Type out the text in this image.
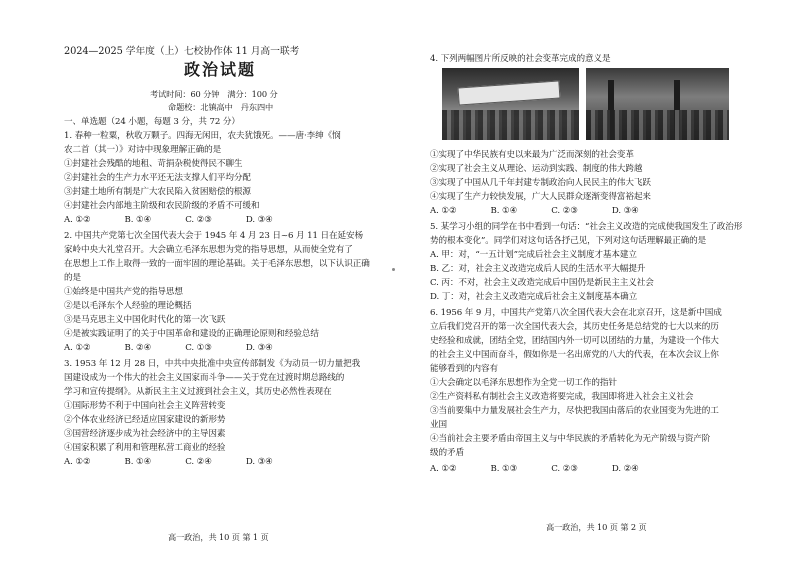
2024—2025 学年度（上）七校协作体 11 月高一联考
政治试题
考试时间：60 分钟　满分：100 分
命题校：北镇高中　丹东四中
一、单选题（24 小题，每题 3 分，共 72 分）
1. 春种一粒粟，秋收万颗子。四海无闲田，农夫犹饿死。——唐·李绅《悯
农二首（其一）》对诗中现象理解正确的是
①封建社会残酷的地租、苛捐杂税使得民不聊生
②封建社会的生产力水平还无法支撑人们平均分配
③封建土地所有制是广大农民陷入贫困赔偿的根源
④封建社会内部地主阶级和农民阶级的矛盾不可缓和
A. ①②　　　　B. ①④　　　　C. ②③　　　　D. ③④
2. 中国共产党第七次全国代表大会于 1945 年 4 月 23 日~6 月 11 日在延安杨
家岭中央大礼堂召开。大会确立毛泽东思想为党的指导思想，从而使全党有了
在思想上工作上取得一致的一面牢固的理论基础。关于毛泽东思想，以下认识正确
的是
①始终是中国共产党的指导思想
②是以毛泽东个人经验的理论概括
③是马克思主义中国化时代化的第一次飞跃
④是被实践证明了的关于中国革命和建设的正确理论原则和经验总结
A. ①②　　　　B. ②④　　　　C. ①③　　　　D. ③④
3. 1953 年 12 月 28 日，中共中央批准中央宣传部制发《为动员一切力量把我
国建设成为一个伟大的社会主义国家而斗争——关于党在过渡时期总路线的
学习和宣传提纲》。从新民主主义过渡到社会主义，其历史必然性表现在
①国际形势不利于中国向社会主义阵营转变
②个体农业经济已经适应国家建设的新形势
③国营经济逐步成为社会经济中的主导因素
④国家积累了利用和管理私营工商业的经验
A. ①②　　　　B. ①④　　　　C. ②④　　　　D. ③④
高一政治，共 10 页 第 1 页
4. 下列两幅图片所反映的社会变革完成的意义是
①实现了中华民族有史以来最为广泛而深刻的社会变革
②实现了社会主义从理论、运动到实践、制度的伟大跨越
③实现了中国从几千年封建专制政治向人民民主的伟大飞跃
④实现了生产力较快发展，广大人民群众逐渐变得富裕起来
A. ①②　　　　B. ①④　　　　C. ②③　　　　D. ③④
5. 某学习小组的同学在书中看到一句话：“社会主义改造的完成使我国发生了政治形
势的根本变化”。同学们对这句话各抒己见，下列对这句话理解最正确的是
A. 甲：对，“一五计划”完成后社会主义制度才基本建立
B. 乙：对，社会主义改造完成后人民的生活水平大幅提升
C. 丙：不对，社会主义改造完成后中国仍是新民主主义社会
D. 丁：对，社会主义改造完成后社会主义制度基本确立
6. 1956 年 9 月，中国共产党第八次全国代表大会在北京召开，这是新中国成
立后我们党召开的第一次全国代表大会，其历史任务是总结党的七大以来的历
史经验和成就，团结全党，团结国内外一切可以团结的力量，为建设一个伟大
的社会主义中国而奋斗，假如你是一名出席党的八大的代表，在本次会议上你
能够看到的内容有
①大会确定以毛泽东思想作为全党一切工作的指针
②生产资料私有制社会主义改造将要完成，我国即将进入社会主义社会
③当前要集中力量发展社会生产力，尽快把我国由落后的农业国变为先进的工
业国
④当前社会主要矛盾由帝国主义与中华民族的矛盾转化为无产阶级与资产阶
级的矛盾
A. ①②　　　　B. ①③　　　　C. ②③　　　　D. ②④
高一政治，共 10 页 第 2 页
